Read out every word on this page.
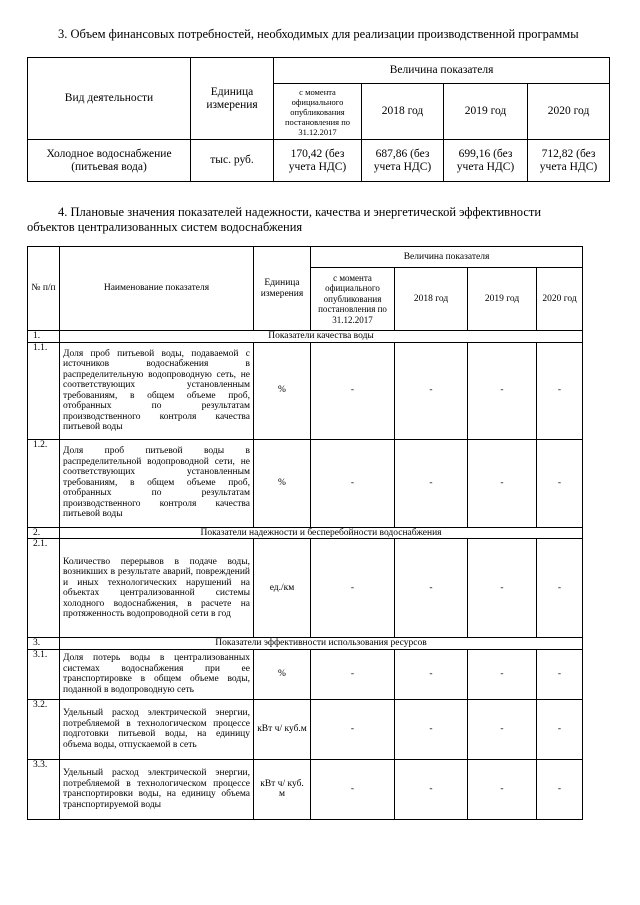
3. Объем финансовых потребностей, необходимых для реализации производственной программы
Вид деятельности	Единица измерения	Величина показателя			
		с момента официального опубликования постановления по 31.12.2017	2018 год	2019 год	2020 год
Холодное водоснабжение (питьевая вода)	тыс. руб.	170,42 (без учета НДС)	687,86 (без учета НДС)	699,16 (без учета НДС)	712,82 (без учета НДС)
4. Плановые значения показателей надежности, качества и энергетической эффективности
объектов централизованных систем водоснабжения
№ п/п	Наименование показателя	Единица измерения	Величина показателя			
			с момента официального опубликования постановления по 31.12.2017	2018 год	2019 год	2020 год
1.	Показатели качества воды					
1.1.	Доля проб питьевой воды, подаваемой с источников водоснабжения в распределительную водопроводную сеть, не соответствующих установленным требованиям, в общем объеме проб, отобранных по результатам производственного контроля качества питьевой воды	%	-	-	-	-
1.2.	Доля проб питьевой воды в распределительной водопроводной сети, не соответствующих установленным требованиям, в общем объеме проб, отобранных по результатам производственного контроля качества питьевой воды	%	-	-	-	-
2.	Показатели надежности и бесперебойности водоснабжения					
2.1.	Количество перерывов в подаче воды, возникших в результате аварий, повреждений и иных технологических нарушений на объектах централизованной системы холодного водоснабжения, в расчете на протяженность водопроводной сети в год	ед./км	-	-	-	-
3.	Показатели эффективности использования ресурсов					
3.1.	Доля потерь воды в централизованных системах водоснабжения при ее транспортировке в общем объеме воды, поданной в водопроводную сеть	%	-	-	-	-
3.2.	Удельный расход электрической энергии, потребляемой в технологическом процессе подготовки питьевой воды, на единицу объема воды, отпускаемой в сеть	кВт ч/ куб.м	-	-	-	-
3.3.	Удельный расход электрической энергии, потребляемой в технологическом процессе транспортировки воды, на единицу объема транспортируемой воды	кВт ч/ куб. м	-	-	-	-
